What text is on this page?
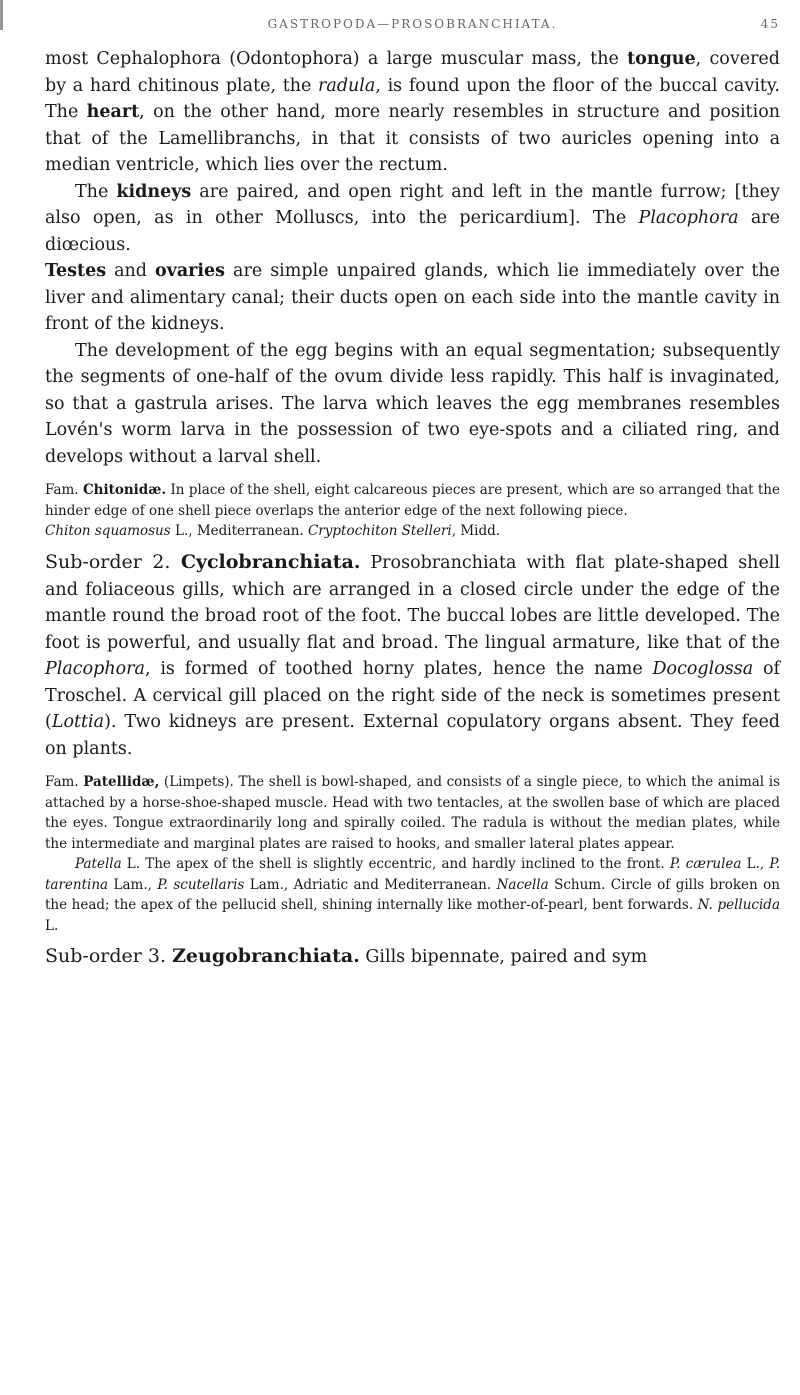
GASTROPODA—PROSOBRANCHIATA.	45

most Cephalophora (Odontophora) a large muscular mass, the tongue, covered by a hard chitinous plate, the radula, is found upon the floor of the buccal cavity. The heart, on the other hand, more nearly resembles in structure and position that of the Lamellibranchs, in that it consists of two auricles opening into a median ventricle, which lies over the rectum.

The kidneys are paired, and open right and left in the mantle furrow; [they also open, as in other Molluscs, into the pericardium]. The Placophora are diœcious.

Testes and ovaries are simple unpaired glands, which lie immediately over the liver and alimentary canal; their ducts open on each side into the mantle cavity in front of the kidneys.

The development of the egg begins with an equal segmentation; subsequently the segments of one-half of the ovum divide less rapidly. This half is invaginated, so that a gastrula arises. The larva which leaves the egg membranes resembles Lovén's worm larva in the possession of two eye-spots and a ciliated ring, and develops without a larval shell.

Fam. Chitonidæ. In place of the shell, eight calcareous pieces are present, which are so arranged that the hinder edge of one shell piece overlaps the anterior edge of the next following piece.

Chiton squamosus L., Mediterranean. Cryptochiton Stelleri, Midd.

Sub-order 2. Cyclobranchiata. Prosobranchiata with flat plate-shaped shell and foliaceous gills, which are arranged in a closed circle under the edge of the mantle round the broad root of the foot. The buccal lobes are little developed. The foot is powerful, and usually flat and broad. The lingual armature, like that of the Placophora, is formed of toothed horny plates, hence the name Docoglossa of Troschel. A cervical gill placed on the right side of the neck is sometimes present (Lottia). Two kidneys are present. External copulatory organs absent. They feed on plants.

Fam. Patellidæ, (Limpets). The shell is bowl-shaped, and consists of a single piece, to which the animal is attached by a horse-shoe-shaped muscle. Head with two tentacles, at the swollen base of which are placed the eyes. Tongue extraordinarily long and spirally coiled. The radula is without the median plates, while the intermediate and marginal plates are raised to hooks, and smaller lateral plates appear.

Patella L. The apex of the shell is slightly eccentric, and hardly inclined to the front. P. cærulea L., P. tarentina Lam., P. scutellaris Lam., Adriatic and Mediterranean. Nacella Schum. Circle of gills broken on the head; the apex of the pellucid shell, shining internally like mother-of-pearl, bent forwards. N. pellucida L.

Sub-order 3. Zeugobranchiata. Gills bipennate, paired and sym
